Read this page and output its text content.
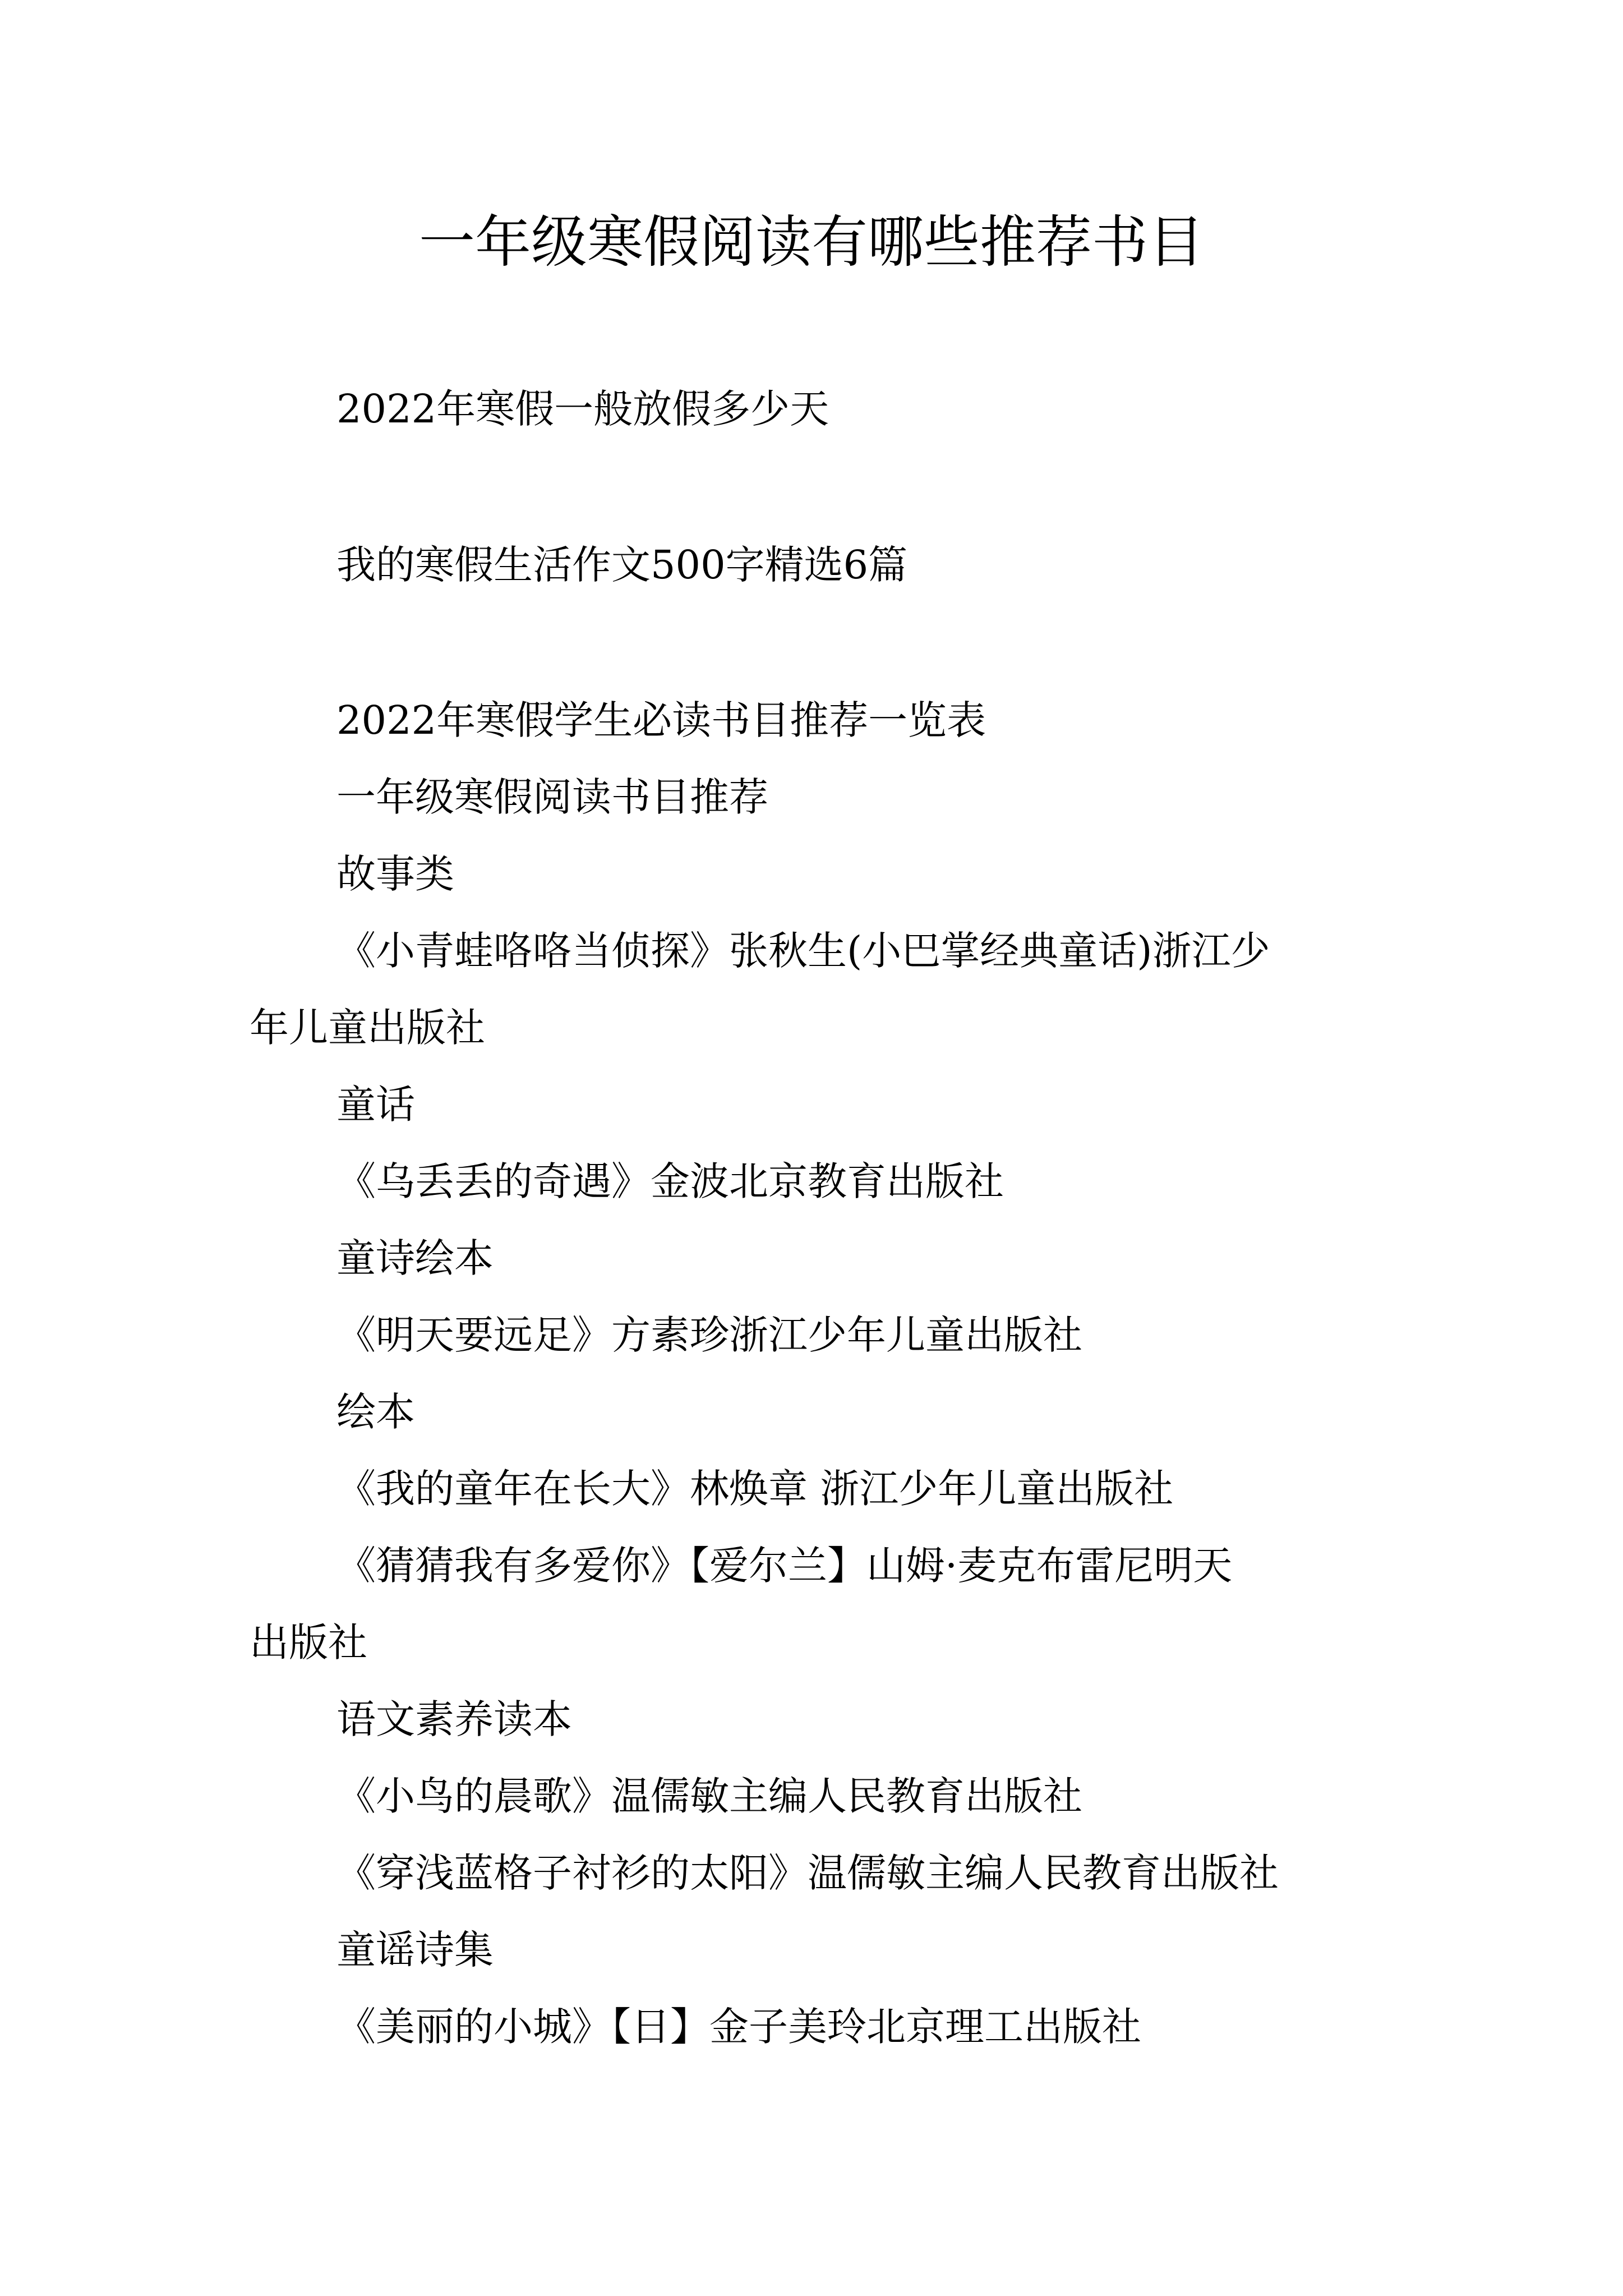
一年级寒假阅读有哪些推荐书目
2022年寒假一般放假多少天
我的寒假生活作文500字精选6篇
2022年寒假学生必读书目推荐一览表
一年级寒假阅读书目推荐
故事类
《小青蛙咯咯当侦探》张秋生(小巴掌经典童话)浙江少
年儿童出版社
童话
《乌丢丢的奇遇》金波北京教育出版社
童诗绘本
《明天要远足》方素珍浙江少年儿童出版社
绘本
《我的童年在长大》林焕章 浙江少年儿童出版社
《猜猜我有多爱你》【爱尔兰】山姆·麦克布雷尼明天
出版社
语文素养读本
《小鸟的晨歌》温儒敏主编人民教育出版社
《穿浅蓝格子衬衫的太阳》温儒敏主编人民教育出版社
童谣诗集
《美丽的小城》【日】金子美玲北京理工出版社
